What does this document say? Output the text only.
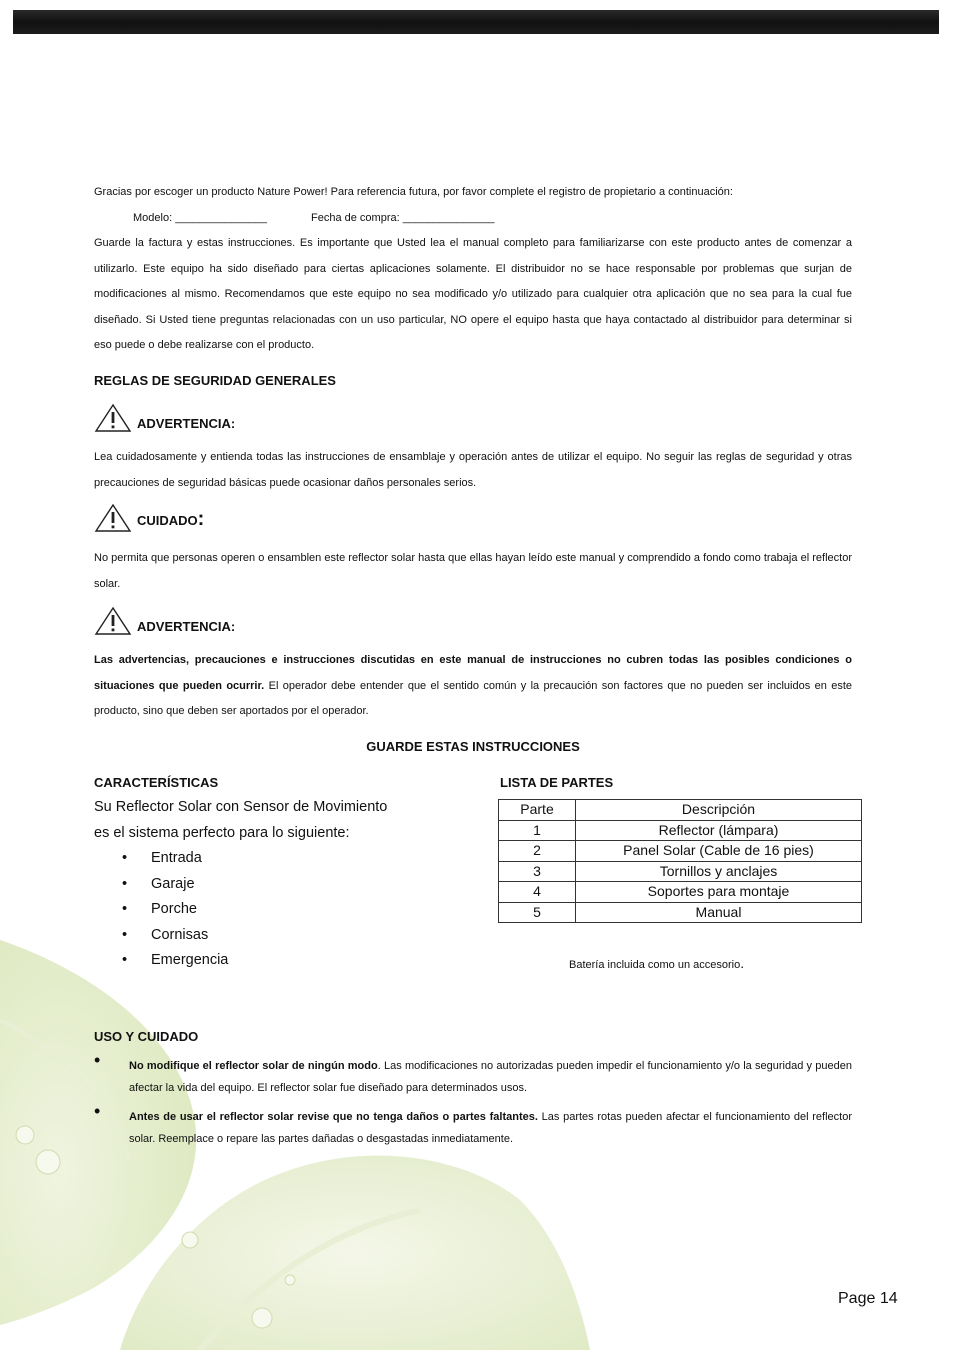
Gracias por escoger un producto Nature Power! Para referencia futura, por favor complete el registro de propietario a continuación:
Modelo: _______________	Fecha de compra: _______________
Guarde la factura y estas instrucciones. Es importante que Usted lea el manual completo para familiarizarse con este producto antes de comenzar a utilizarlo. Este equipo ha sido diseñado para ciertas aplicaciones solamente. El distribuidor no se hace responsable por problemas que surjan de modificaciones al mismo. Recomendamos que este equipo no sea modificado y/o utilizado para cualquier otra aplicación que no sea para la cual fue diseñado. Si Usted tiene preguntas relacionadas con un uso particular, NO opere el equipo hasta que haya contactado al distribuidor para determinar si eso puede o debe realizarse con el producto.
REGLAS DE SEGURIDAD GENERALES
ADVERTENCIA:
Lea cuidadosamente y entienda todas las instrucciones de ensamblaje y operación antes de utilizar el equipo. No seguir las reglas de seguridad y otras precauciones de seguridad básicas puede ocasionar daños personales serios.
CUIDADO:
No permita que personas operen o ensamblen este reflector solar hasta que ellas hayan leído este manual y comprendido a fondo como trabaja el reflector solar.
ADVERTENCIA:
Las advertencias, precauciones e instrucciones discutidas en este manual de instrucciones no cubren todas las posibles condiciones o situaciones que pueden ocurrir. El operador debe entender que el sentido común y la precaución son factores que no pueden ser incluidos en este producto, sino que deben ser aportados por el operador.
GUARDE ESTAS INSTRUCCIONES
CARACTERÍSTICAS
Su Reflector Solar con Sensor de Movimiento
es el sistema perfecto para lo siguiente:
• Entrada
• Garaje
• Porche
• Cornisas
• Emergencia
LISTA DE PARTES
Parte	Descripción
1	Reflector (lámpara)
2	Panel Solar (Cable de 16 pies)
3	Tornillos y anclajes
4	Soportes para montaje
5	Manual
Batería incluida como un accesorio.
USO Y CUIDADO
•	No modifique el reflector solar de ningún modo. Las modificaciones no autorizadas pueden impedir el funcionamiento y/o la seguridad y pueden afectar la vida del equipo. El reflector solar fue diseñado para determinados usos.
•	Antes de usar el reflector solar revise que no tenga daños o partes faltantes. Las partes rotas pueden afectar el funcionamiento del reflector solar. Reemplace o repare las partes dañadas o desgastadas inmediatamente.
Page 14
